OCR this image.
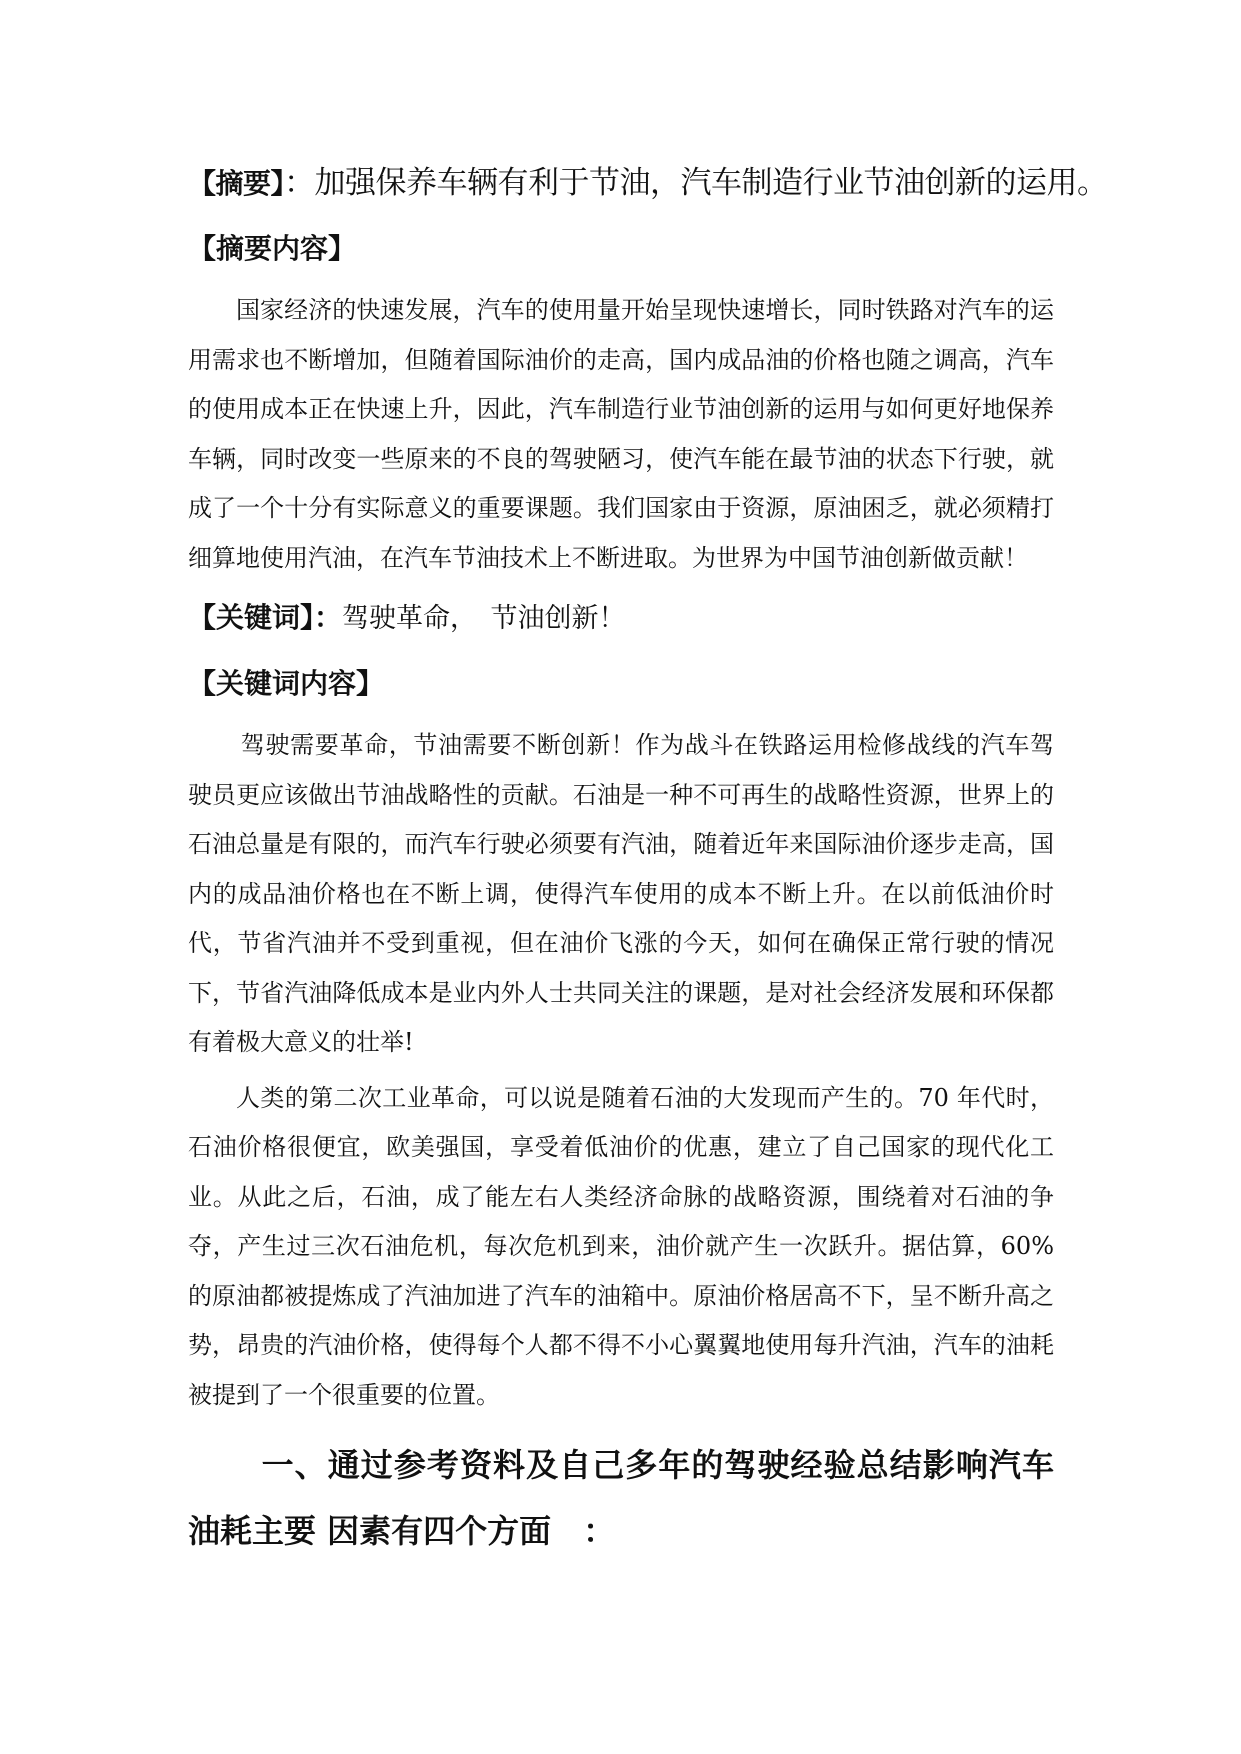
【摘要】：加强保养车辆有利于节油，汽车制造行业节油创新的运用。
【摘要内容】

国家经济的快速发展，汽车的使用量开始呈现快速增长，同时铁路对汽车的运用需求也不断增加，但随着国际油价的走高，国内成品油的价格也随之调高，汽车的使用成本正在快速上升，因此，汽车制造行业节油创新的运用与如何更好地保养车辆，同时改变一些原来的不良的驾驶陋习，使汽车能在最节油的状态下行驶，就成了一个十分有实际意义的重要课题。我们国家由于资源，原油困乏，就必须精打细算地使用汽油，在汽车节油技术上不断进取。为世界为中国节油创新做贡献！

【关键词】：驾驶革命，　节油创新！
【关键词内容】

驾驶需要革命，节油需要不断创新！作为战斗在铁路运用检修战线的汽车驾驶员更应该做出节油战略性的贡献。石油是一种不可再生的战略性资源，世界上的石油总量是有限的，而汽车行驶必须要有汽油，随着近年来国际油价逐步走高，国内的成品油价格也在不断上调，使得汽车使用的成本不断上升。在以前低油价时代，节省汽油并不受到重视，但在油价飞涨的今天，如何在确保正常行驶的情况下，节省汽油降低成本是业内外人士共同关注的课题，是对社会经济发展和环保都有着极大意义的壮举!

人类的第二次工业革命，可以说是随着石油的大发现而产生的。70 年代时，石油价格很便宜，欧美强国，享受着低油价的优惠，建立了自己国家的现代化工业。从此之后，石油，成了能左右人类经济命脉的战略资源，围绕着对石油的争夺，产生过三次石油危机，每次危机到来，油价就产生一次跃升。据估算，60%的原油都被提炼成了汽油加进了汽车的油箱中。原油价格居高不下，呈不断升高之势，昂贵的汽油价格，使得每个人都不得不小心翼翼地使用每升汽油，汽车的油耗被提到了一个很重要的位置。

一、通过参考资料及自己多年的驾驶经验总结影响汽车油耗主要 因素有四个方面　：
